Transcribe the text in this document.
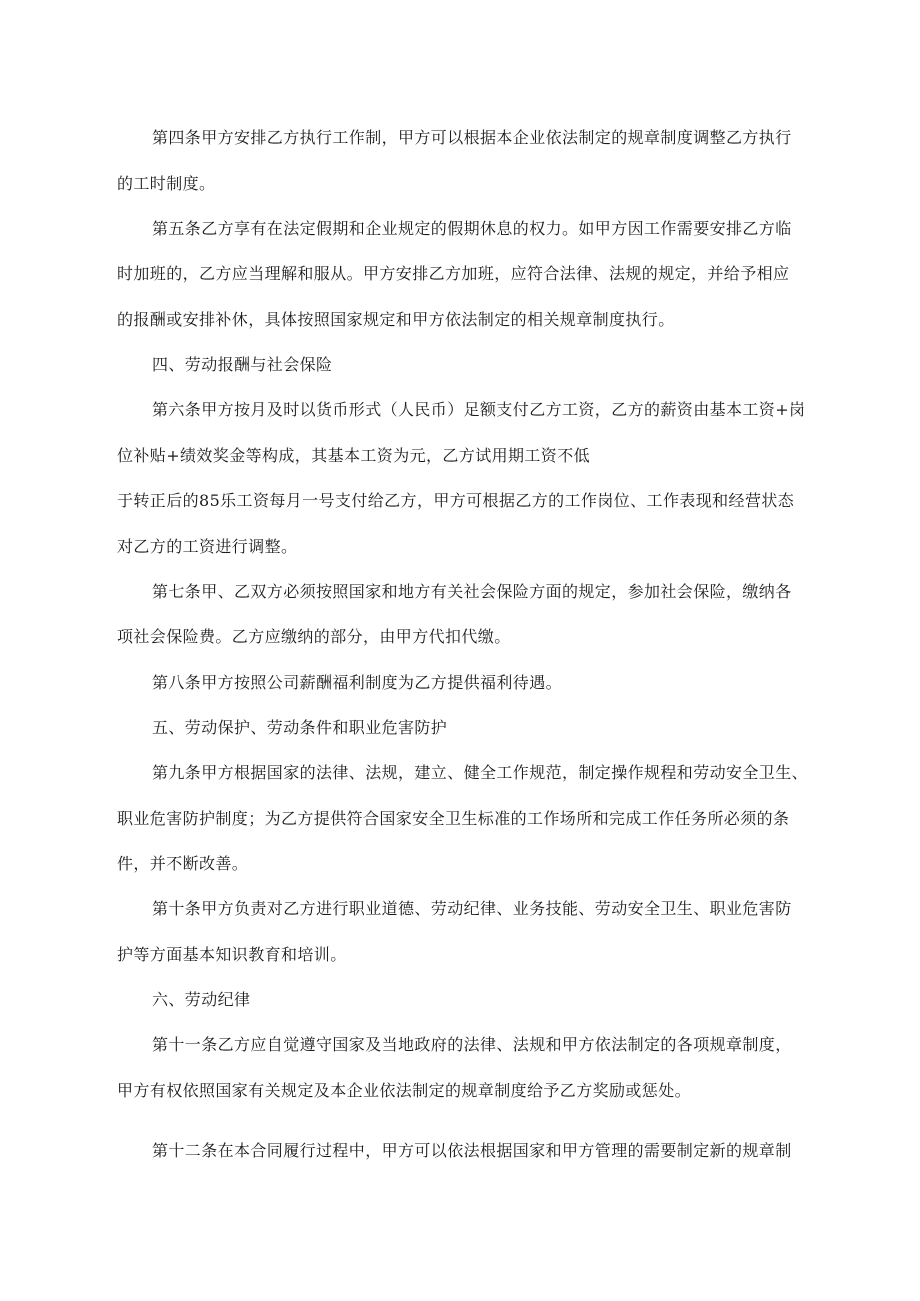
第四条甲方安排乙方执行工作制，甲方可以根据本企业依法制定的规章制度调整乙方执行
的工时制度。
第五条乙方享有在法定假期和企业规定的假期休息的权力。如甲方因工作需要安排乙方临
时加班的，乙方应当理解和服从。甲方安排乙方加班，应符合法律、法规的规定，并给予相应
的报酬或安排补休，具体按照国家规定和甲方依法制定的相关规章制度执行。
四、劳动报酬与社会保险
第六条甲方按月及时以货币形式（人民币）足额支付乙方工资，乙方的薪资由基本工资+岗
位补贴+绩效奖金等构成，其基本工资为元，乙方试用期工资不低
于转正后的85乐工资每月一号支付给乙方，甲方可根据乙方的工作岗位、工作表现和经营状态
对乙方的工资进行调整。
第七条甲、乙双方必须按照国家和地方有关社会保险方面的规定，参加社会保险，缴纳各
项社会保险费。乙方应缴纳的部分，由甲方代扣代缴。
第八条甲方按照公司薪酬福利制度为乙方提供福利待遇。
五、劳动保护、劳动条件和职业危害防护
第九条甲方根据国家的法律、法规，建立、健全工作规范，制定操作规程和劳动安全卫生、
职业危害防护制度；为乙方提供符合国家安全卫生标准的工作场所和完成工作任务所必须的条
件，并不断改善。
第十条甲方负责对乙方进行职业道德、劳动纪律、业务技能、劳动安全卫生、职业危害防
护等方面基本知识教育和培训。
六、劳动纪律
第十一条乙方应自觉遵守国家及当地政府的法律、法规和甲方依法制定的各项规章制度，
甲方有权依照国家有关规定及本企业依法制定的规章制度给予乙方奖励或惩处。
第十二条在本合同履行过程中，甲方可以依法根据国家和甲方管理的需要制定新的规章制
